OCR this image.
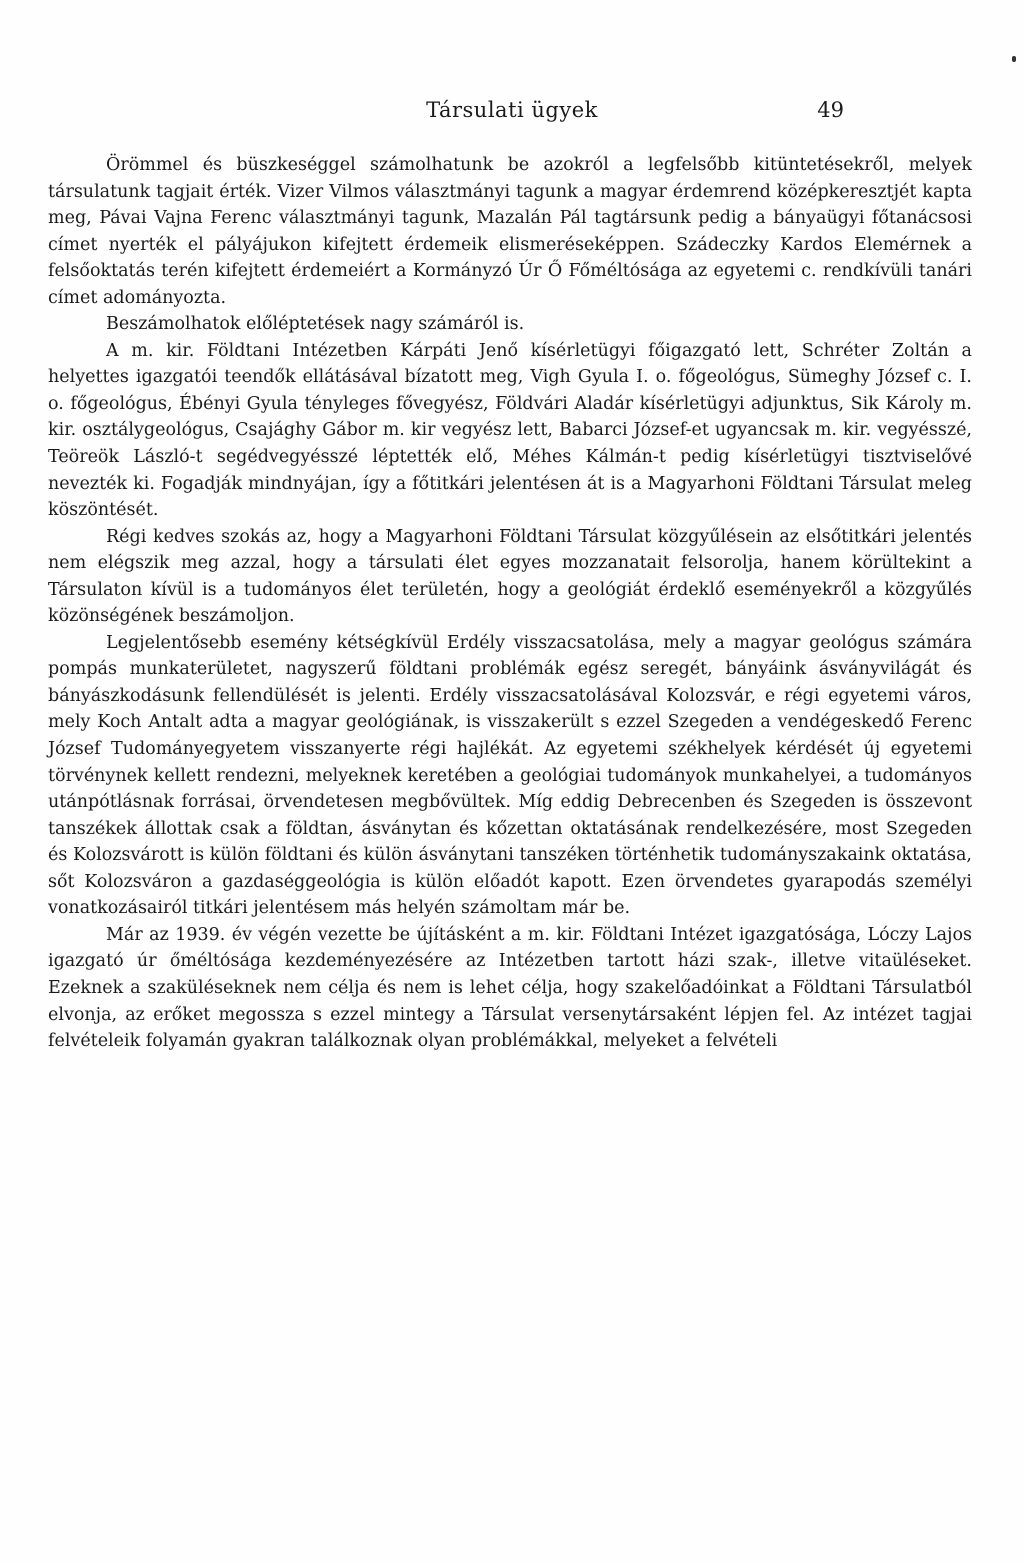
Társulati ügyek	49

Örömmel és büszkeséggel számolhatunk be azokról a legfelsőbb kitüntetésekről, melyek társulatunk tagjait érték. Vizer Vilmos választmányi tagunk a magyar érdemrend középkeresztjét kapta meg, Pávai Vajna Ferenc választmányi tagunk, Mazalán Pál tagtársunk pedig a bányaügyi főtanácsosi címet nyerték el pályájukon kifejtett érdemeik elismeréseképpen. Szádeczky Kardos Elemérnek a felsőoktatás terén kifejtett érdemeiért a Kormányzó Úr Ő Főméltósága az egyetemi c. rendkívüli tanári címet adományozta.

Beszámolhatok előléptetések nagy számáról is.

A m. kir. Földtani Intézetben Kárpáti Jenő kísérletügyi főigazgató lett, Schréter Zoltán a helyettes igazgatói teendők ellátásával bízatott meg, Vigh Gyula I. o. főgeológus, Sümeghy József c. I. o. főgeológus, Ébényi Gyula tényleges fővegyész, Földvári Aladár kísérletügyi adjunktus, Sik Károly m. kir. osztálygeológus, Csajághy Gábor m. kir vegyész lett, Babarci József-et ugyancsak m. kir. vegyésszé, Teöreök László-t segédvegyésszé léptették elő, Méhes Kálmán-t pedig kísérletügyi tisztviselővé nevezték ki. Fogadják mindnyájan, így a főtitkári jelentésen át is a Magyarhoni Földtani Társulat meleg köszöntését.

Régi kedves szokás az, hogy a Magyarhoni Földtani Társulat közgyűlésein az elsőtitkári jelentés nem elégszik meg azzal, hogy a társulati élet egyes mozzanatait felsorolja, hanem körültekint a Társulaton kívül is a tudományos élet területén, hogy a geológiát érdeklő eseményekről a közgyűlés közönségének beszámoljon.

Legjelentősebb esemény kétségkívül Erdély visszacsatolása, mely a magyar geológus számára pompás munkaterületet, nagyszerű földtani problémák egész seregét, bányáink ásványvilágát és bányászkodásunk fellendülését is jelenti. Erdély visszacsatolásával Kolozsvár, e régi egyetemi város, mely Koch Antalt adta a magyar geológiának, is visszakerült s ezzel Szegeden a vendégeskedő Ferenc József Tudományegyetem visszanyerte régi hajlékát. Az egyetemi székhelyek kérdését új egyetemi törvénynek kellett rendezni, melyeknek keretében a geológiai tudományok munkahelyei, a tudományos utánpótlásnak forrásai, örvendetesen megbővültek. Míg eddig Debrecenben és Szegeden is összevont tanszékek állottak csak a földtan, ásványtan és kőzettan oktatásának rendelkezésére, most Szegeden és Kolozsvárott is külön földtani és külön ásványtani tanszéken történhetik tudományszakaink oktatása, sőt Kolozsváron a gazdaséggeológia is külön előadót kapott. Ezen örvendetes gyarapodás személyi vonatkozásairól titkári jelentésem más helyén számoltam már be.

Már az 1939. év végén vezette be újításként a m. kir. Földtani Intézet igazgatósága, Lóczy Lajos igazgató úr őméltósága kezdeményezésére az Intézetben tartott házi szak-, illetve vitaüléseket. Ezeknek a szaküléseknek nem célja és nem is lehet célja, hogy szakelőadóinkat a Földtani Társulatból elvonja, az erőket megossza s ezzel mintegy a Társulat versenytársaként lépjen fel. Az intézet tagjai felvételeik folyamán gyakran találkoznak olyan problémákkal, melyeket a felvételi
